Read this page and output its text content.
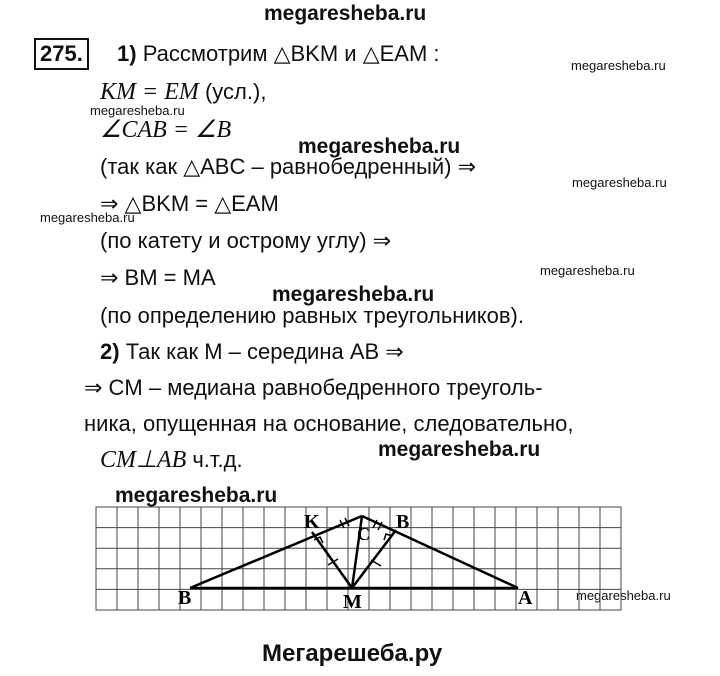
megaresheba.ru
megaresheba.ru
megaresheba.ru
megaresheba.ru
megaresheba.ru
megaresheba.ru
megaresheba.ru
megaresheba.ru
megaresheba.ru
megaresheba.ru
megaresheba.ru
275. 1) Рассмотрим △BKM и △EAM :
KM = EM (усл.),
∠CAB = ∠B
(так как △ABC – равнобедренный) ⇒
⇒ △BKM = △EAM
(по катету и острому углу) ⇒
⇒ BM = MA
(по определению равных треугольников).
2) Так как M – середина AB ⇒
⇒ CM – медиана равнобедренного треуголь-
ника, опущенная на основание, следовательно,
CM⊥AB ч.т.д.
B
K
C
B
M	A
Мегарешеба.ру
